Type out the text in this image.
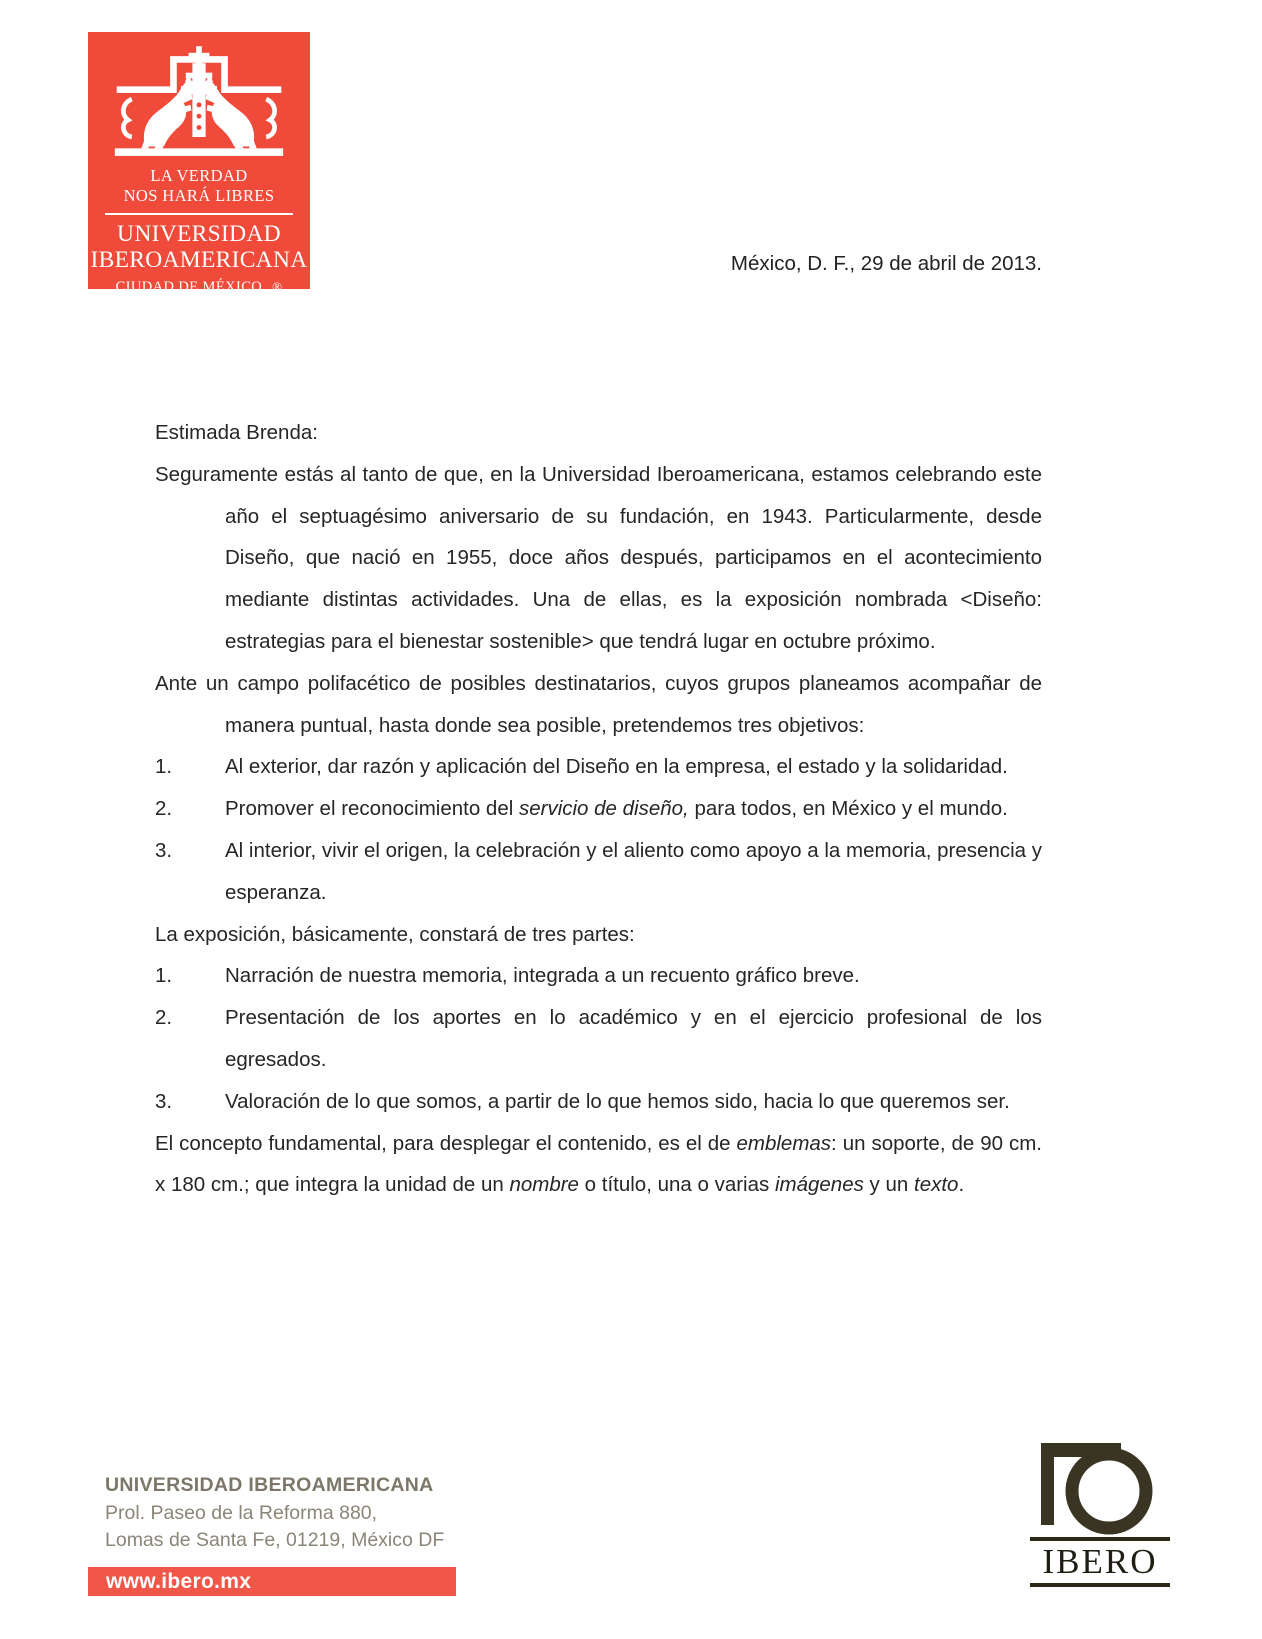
LA VERDAD
NOS HARÁ LIBRES
UNIVERSIDAD
IBEROAMERICANA
CIUDAD DE MÉXICO ®
México, D. F., 29 de abril de 2013.

Estimada Brenda:

Seguramente estás al tanto de que, en la Universidad Iberoamericana, estamos celebrando este año el septuagésimo aniversario de su fundación, en 1943. Particularmente, desde Diseño, que nació en 1955, doce años después, participamos en el acontecimiento mediante distintas actividades. Una de ellas, es la exposición nombrada <Diseño: estrategias para el bienestar sostenible> que tendrá lugar en octubre próximo.

Ante un campo polifacético de posibles destinatarios, cuyos grupos planeamos acompañar de manera puntual, hasta donde sea posible, pretendemos tres objetivos:

1.	Al exterior, dar razón y aplicación del Diseño en la empresa, el estado y la solidaridad.
2.	Promover el reconocimiento del servicio de diseño, para todos, en México y el mundo.
3.	Al interior, vivir el origen, la celebración y el aliento como apoyo a la memoria, presencia y esperanza.

La exposición, básicamente, constará de tres partes:

1.	Narración de nuestra memoria, integrada a un recuento gráfico breve.
2.	Presentación de los aportes en lo académico y en el ejercicio profesional de los egresados.
3.	Valoración de lo que somos, a partir de lo que hemos sido, hacia lo que queremos ser.

El concepto fundamental, para desplegar el contenido, es el de emblemas: un soporte, de 90 cm. x 180 cm.; que integra la unidad de un nombre o título, una o varias imágenes y un texto.

UNIVERSIDAD IBEROAMERICANA
Prol. Paseo de la Reforma 880,
Lomas de Santa Fe, 01219, México DF
www.ibero.mx
IBERO
